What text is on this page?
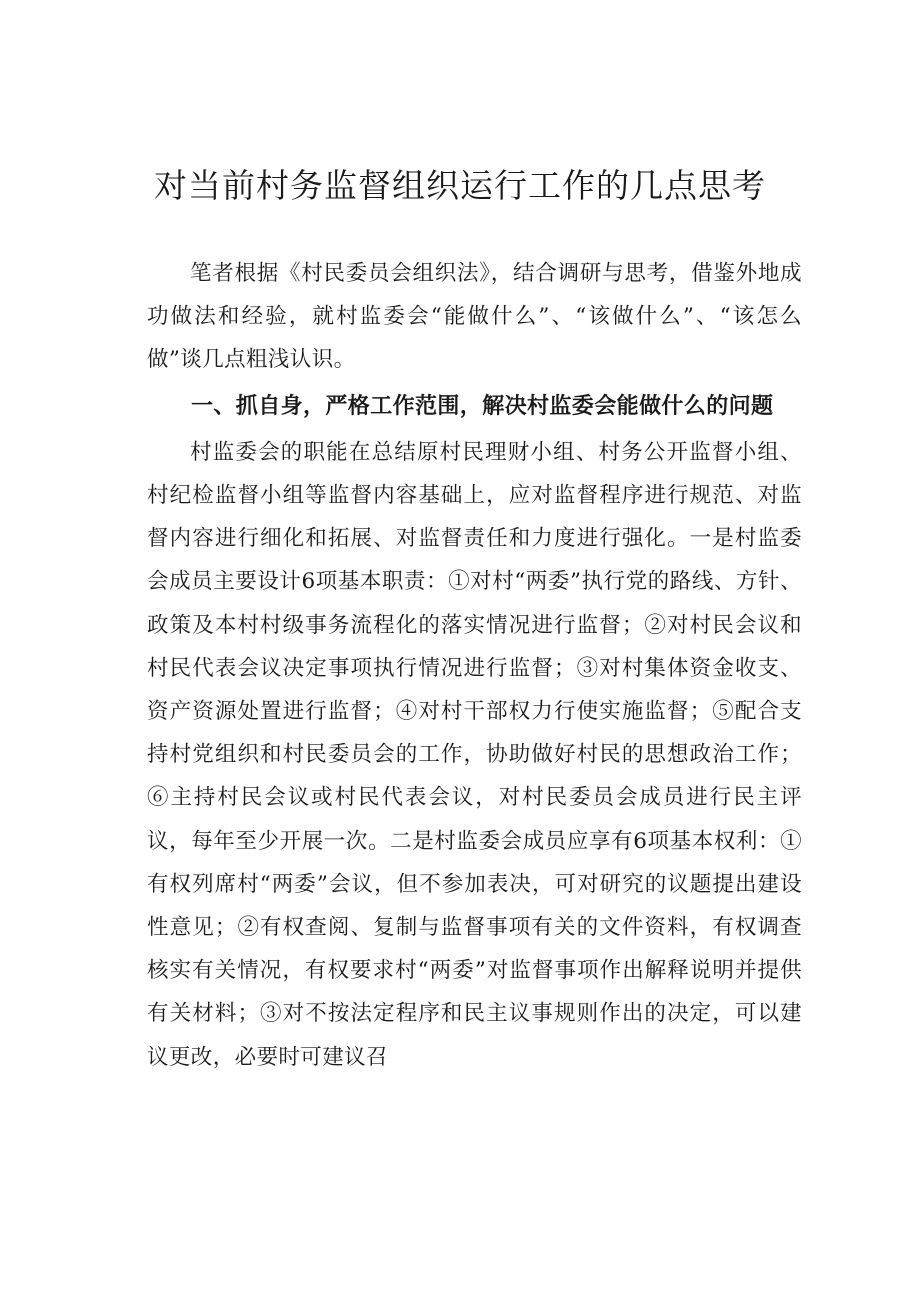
对当前村务监督组织运行工作的几点思考

笔者根据《村民委员会组织法》，结合调研与思考，借鉴外地成功做法和经验，就村监委会“能做什么”、“该做什么”、“该怎么做”谈几点粗浅认识。

一、抓自身，严格工作范围，解决村监委会能做什么的问题

村监委会的职能在总结原村民理财小组、村务公开监督小组、村纪检监督小组等监督内容基础上，应对监督程序进行规范、对监督内容进行细化和拓展、对监督责任和力度进行强化。一是村监委会成员主要设计6项基本职责：①对村“两委”执行党的路线、方针、政策及本村村级事务流程化的落实情况进行监督；②对村民会议和村民代表会议决定事项执行情况进行监督；③对村集体资金收支、资产资源处置进行监督；④对村干部权力行使实施监督；⑤配合支持村党组织和村民委员会的工作，协助做好村民的思想政治工作；⑥主持村民会议或村民代表会议，对村民委员会成员进行民主评议，每年至少开展一次。二是村监委会成员应享有6项基本权利：①有权列席村“两委”会议，但不参加表决，可对研究的议题提出建设性意见；②有权查阅、复制与监督事项有关的文件资料，有权调查核实有关情况，有权要求村“两委”对监督事项作出解释说明并提供有关材料；③对不按法定程序和民主议事规则作出的决定，可以建议更改，必要时可建议召
